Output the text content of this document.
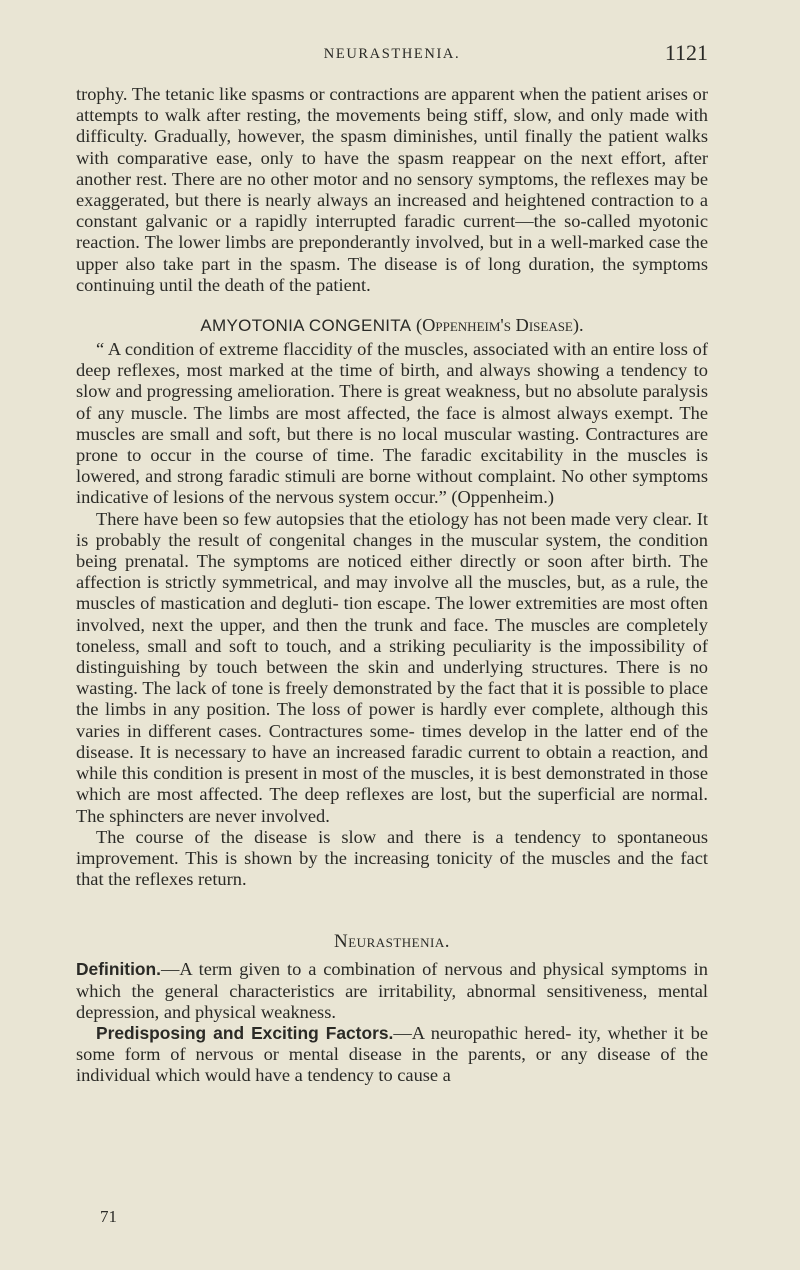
NEURASTHENIA.	1121

trophy. The tetanic like spasms or contractions are apparent when the patient arises or attempts to walk after resting, the movements being stiff, slow, and only made with difficulty. Gradually, however, the spasm diminishes, until finally the patient walks with comparative ease, only to have the spasm reappear on the next effort, after another rest. There are no other motor and no sensory symptoms, the reflexes may be exaggerated, but there is nearly always an increased and heightened contraction to a constant galvanic or a rapidly interrupted faradic current—the so-called myotonic reaction. The lower limbs are preponderantly involved, but in a well-marked case the upper also take part in the spasm. The disease is of long duration, the symptoms continuing until the death of the patient.

AMYOTONIA CONGENITA (Oppenheim's Disease).

“ A condition of extreme flaccidity of the muscles, associated with an entire loss of deep reflexes, most marked at the time of birth, and always showing a tendency to slow and progressing amelioration. There is great weakness, but no absolute paralysis of any muscle. The limbs are most affected, the face is almost always exempt. The muscles are small and soft, but there is no local muscular wasting. Contractures are prone to occur in the course of time. The faradic excitability in the muscles is lowered, and strong faradic stimuli are borne without complaint. No other symptoms indicative of lesions of the nervous system occur.” (Oppenheim.)

There have been so few autopsies that the etiology has not been made very clear. It is probably the result of congenital changes in the muscular system, the condition being prenatal. The symptoms are noticed either directly or soon after birth. The affection is strictly symmetrical, and may involve all the muscles, but, as a rule, the muscles of mastication and degluti- tion escape. The lower extremities are most often involved, next the upper, and then the trunk and face. The muscles are completely toneless, small and soft to touch, and a striking peculiarity is the impossibility of distinguishing by touch between the skin and underlying structures. There is no wasting. The lack of tone is freely demonstrated by the fact that it is possible to place the limbs in any position. The loss of power is hardly ever complete, although this varies in different cases. Contractures some- times develop in the latter end of the disease. It is necessary to have an increased faradic current to obtain a reaction, and while this condition is present in most of the muscles, it is best demonstrated in those which are most affected. The deep reflexes are lost, but the superficial are normal. The sphincters are never involved.

The course of the disease is slow and there is a tendency to spontaneous improvement. This is shown by the increasing tonicity of the muscles and the fact that the reflexes return.

Neurasthenia.

Definition.—A term given to a combination of nervous and physical symptoms in which the general characteristics are irritability, abnormal sensitiveness, mental depression, and physical weakness.

Predisposing and Exciting Factors.—A neuropathic hered- ity, whether it be some form of nervous or mental disease in the parents, or any disease of the individual which would have a tendency to cause a

71
